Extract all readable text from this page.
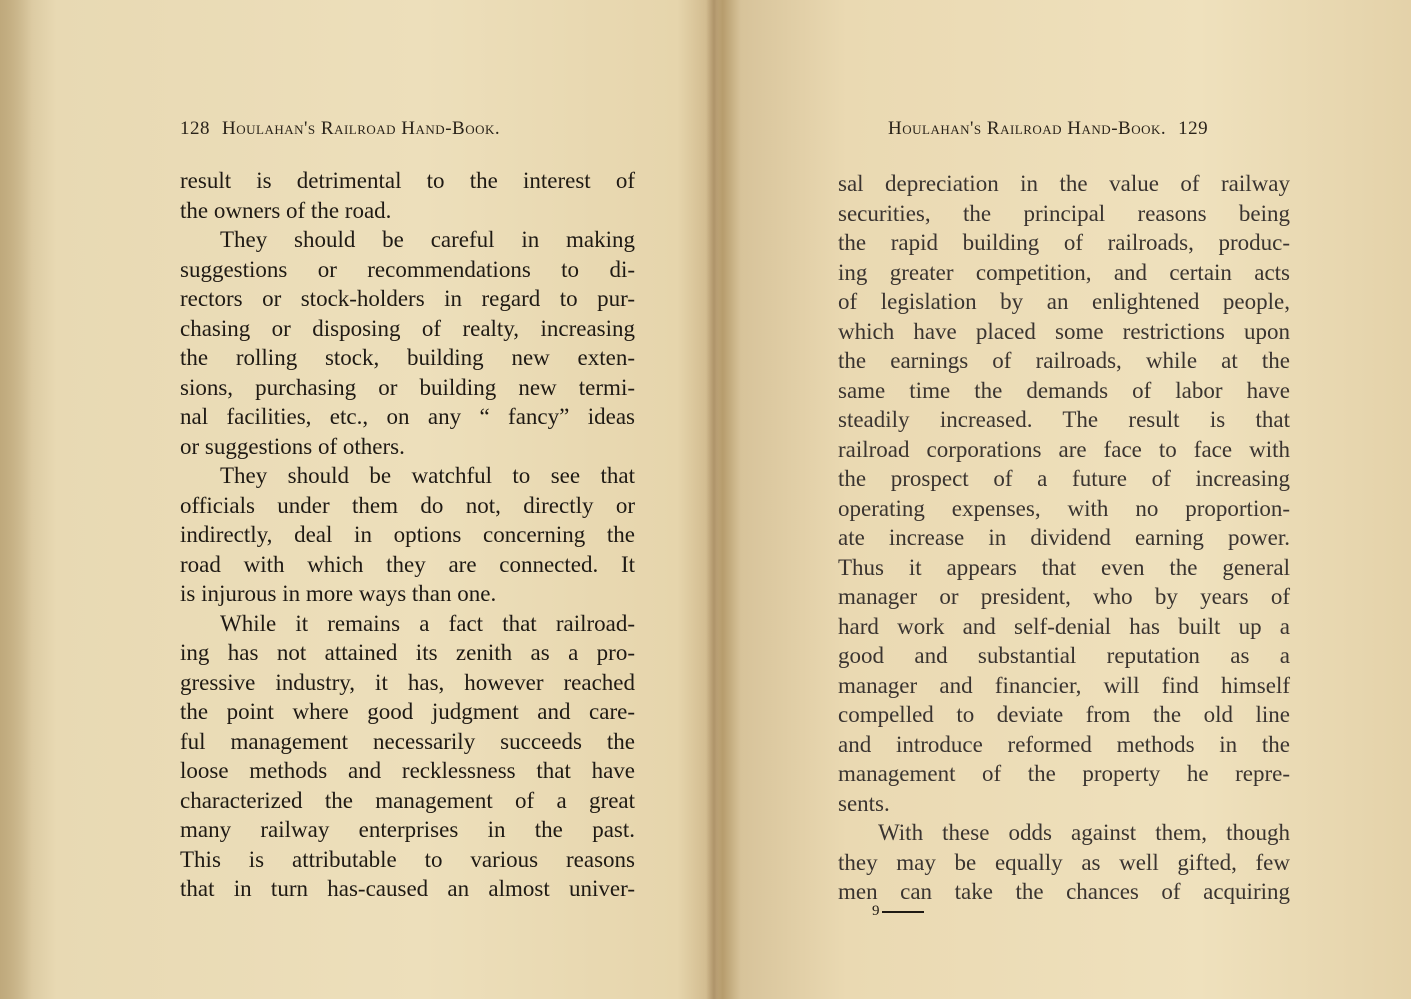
128 Houlahan's Railroad Hand-Book.
result is detrimental to the interest of
the owners of the road.
They should be careful in making
suggestions or recommendations to di-
rectors or stock-holders in regard to pur-
chasing or disposing of realty, increasing
the rolling stock, building new exten-
sions, purchasing or building new termi-
nal facilities, etc., on any “ fancy” ideas
or suggestions of others.
They should be watchful to see that
officials under them do not, directly or
indirectly, deal in options concerning the
road with which they are connected. It
is injurous in more ways than one.
While it remains a fact that railroad-
ing has not attained its zenith as a pro-
gressive industry, it has, however reached
the point where good judgment and care-
ful management necessarily succeeds the
loose methods and recklessness that have
characterized the management of a great
many railway enterprises in the past.
This is attributable to various reasons
that in turn has-caused an almost univer-
Houlahan's Railroad Hand-Book. 129
sal depreciation in the value of railway
securities, the principal reasons being
the rapid building of railroads, produc-
ing greater competition, and certain acts
of legislation by an enlightened people,
which have placed some restrictions upon
the earnings of railroads, while at the
same time the demands of labor have
steadily increased. The result is that
railroad corporations are face to face with
the prospect of a future of increasing
operating expenses, with no proportion-
ate increase in dividend earning power.
Thus it appears that even the general
manager or president, who by years of
hard work and self-denial has built up a
good and substantial reputation as a
manager and financier, will find himself
compelled to deviate from the old line
and introduce reformed methods in the
management of the property he repre-
sents.
With these odds against them, though
they may be equally as well gifted, few
men can take the chances of acquiring
9
